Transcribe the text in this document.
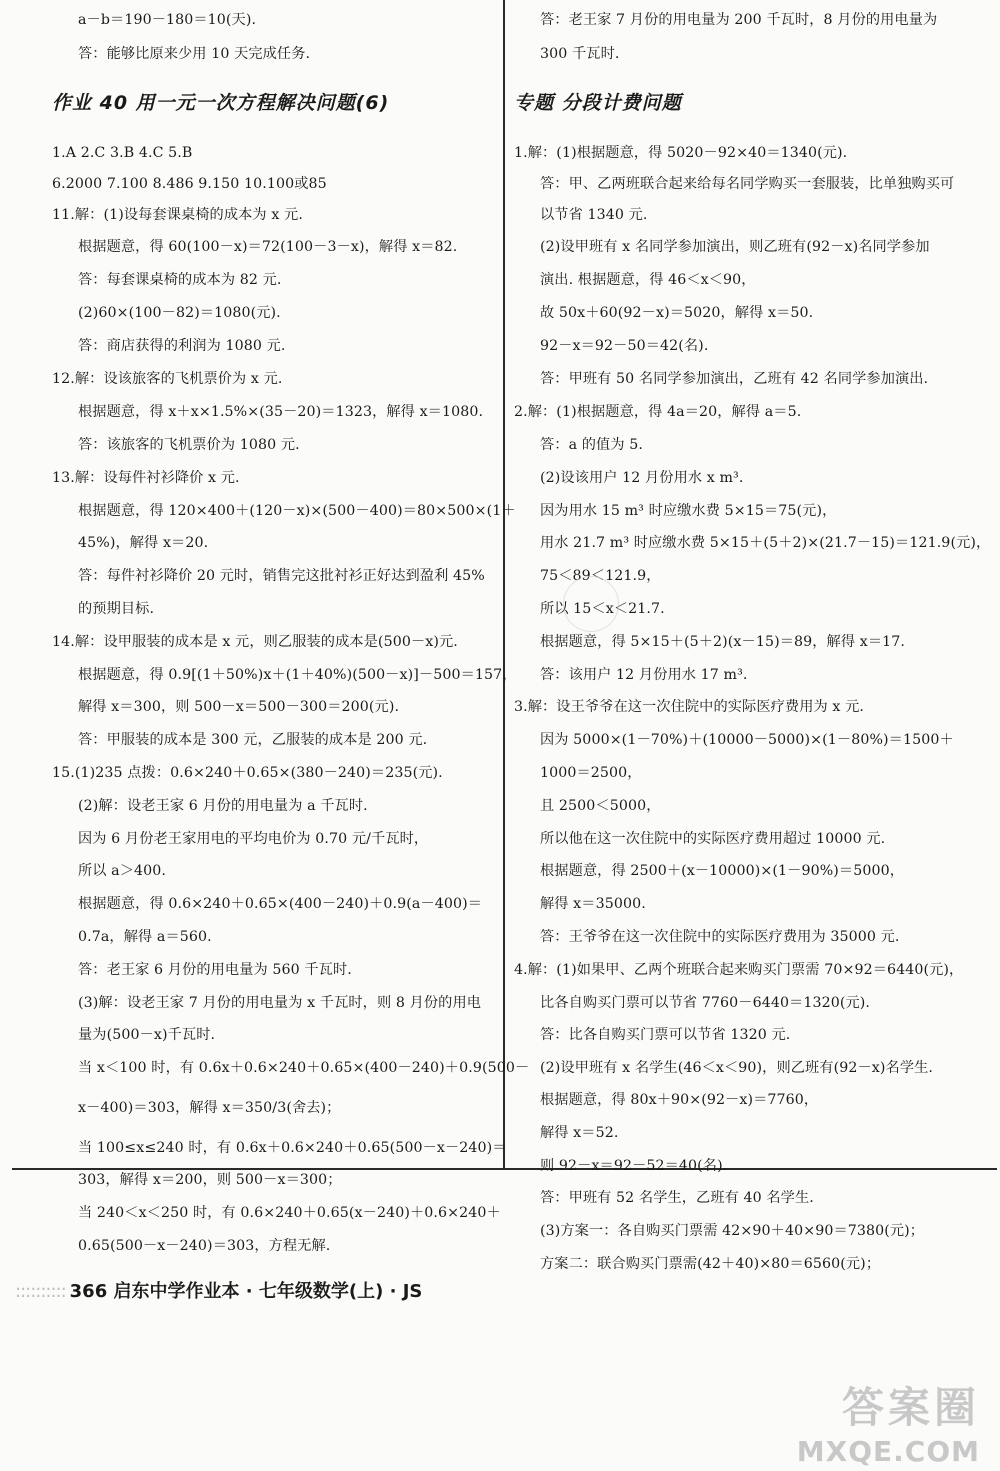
作业 40 用一元一次方程解决问题(6)
a－b＝190－180＝10(天).
答：能够比原来少用 10 天完成任务.
1.A 2.C 3.B 4.C 5.B
6.2000 7.100 8.486 9.150 10.100或85
11.解：(1)设每套课桌椅的成本为 x 元.
根据题意，得 60(100－x)＝72(100－3－x)，解得 x＝82.
答：每套课桌椅的成本为 82 元.
(2)60×(100－82)＝1080(元).
答：商店获得的利润为 1080 元.
12.解：设该旅客的飞机票价为 x 元.
根据题意，得 x＋x×1.5%×(35－20)＝1323，解得 x＝1080.
答：该旅客的飞机票价为 1080 元.
13.解：设每件衬衫降价 x 元.
根据题意，得 120×400＋(120－x)×(500－400)＝80×500×(1＋
45%)，解得 x＝20.
答：每件衬衫降价 20 元时，销售完这批衬衫正好达到盈利 45%
的预期目标.
14.解：设甲服装的成本是 x 元，则乙服装的成本是(500－x)元.
根据题意，得 0.9[(1＋50%)x＋(1＋40%)(500－x)]－500＝157，
解得 x＝300，则 500－x＝500－300＝200(元).
答：甲服装的成本是 300 元，乙服装的成本是 200 元.
15.(1)235 点拨：0.6×240＋0.65×(380－240)＝235(元).
(2)解：设老王家 6 月份的用电量为 a 千瓦时.
因为 6 月份老王家用电的平均电价为 0.70 元/千瓦时，
所以 a＞400.
根据题意，得 0.6×240＋0.65×(400－240)＋0.9(a－400)＝
0.7a，解得 a＝560.
答：老王家 6 月份的用电量为 560 千瓦时.
(3)解：设老王家 7 月份的用电量为 x 千瓦时，则 8 月份的用电
量为(500－x)千瓦时.
当 x＜100 时，有 0.6x＋0.6×240＋0.65×(400－240)＋0.9(500－
x－400)＝303，解得 x＝350/3(舍去)；
当 100≤x≤240 时，有 0.6x＋0.6×240＋0.65(500－x－240)＝
303，解得 x＝200，则 500－x＝300；
当 240＜x＜250 时，有 0.6×240＋0.65(x－240)＋0.6×240＋
0.65(500－x－240)＝303，方程无解.
专题 分段计费问题
答：老王家 7 月份的用电量为 200 千瓦时，8 月份的用电量为
300 千瓦时.
1.解：(1)根据题意，得 5020－92×40＝1340(元).
答：甲、乙两班联合起来给每名同学购买一套服装，比单独购买可
以节省 1340 元.
(2)设甲班有 x 名同学参加演出，则乙班有(92－x)名同学参加
演出. 根据题意，得 46＜x＜90，
故 50x＋60(92－x)＝5020，解得 x＝50.
92－x＝92－50＝42(名).
答：甲班有 50 名同学参加演出，乙班有 42 名同学参加演出.
2.解：(1)根据题意，得 4a＝20，解得 a＝5.
答：a 的值为 5.
(2)设该用户 12 月份用水 x m³.
因为用水 15 m³ 时应缴水费 5×15＝75(元)，
用水 21.7 m³ 时应缴水费 5×15＋(5＋2)×(21.7－15)＝121.9(元)，
75＜89＜121.9，
所以 15＜x＜21.7.
根据题意，得 5×15＋(5＋2)(x－15)＝89，解得 x＝17.
答：该用户 12 月份用水 17 m³.
3.解：设王爷爷在这一次住院中的实际医疗费用为 x 元.
因为 5000×(1－70%)＋(10000－5000)×(1－80%)＝1500＋
1000＝2500，
且 2500＜5000，
所以他在这一次住院中的实际医疗费用超过 10000 元.
根据题意，得 2500＋(x－10000)×(1－90%)＝5000，
解得 x＝35000.
答：王爷爷在这一次住院中的实际医疗费用为 35000 元.
4.解：(1)如果甲、乙两个班联合起来购买门票需 70×92＝6440(元)，
比各自购买门票可以节省 7760－6440＝1320(元).
答：比各自购买门票可以节省 1320 元.
(2)设甲班有 x 名学生(46＜x＜90)，则乙班有(92－x)名学生.
根据题意，得 80x＋90×(92－x)＝7760，
解得 x＝52.
则 92－x＝92－52＝40(名).
答：甲班有 52 名学生，乙班有 40 名学生.
(3)方案一：各自购买门票需 42×90＋40×90＝7380(元)；
方案二：联合购买门票需(42＋40)×80＝6560(元)；
:::::::::: 366 启东中学作业本 · 七年级数学(上) · JS
答案圈
MXQE.COM
